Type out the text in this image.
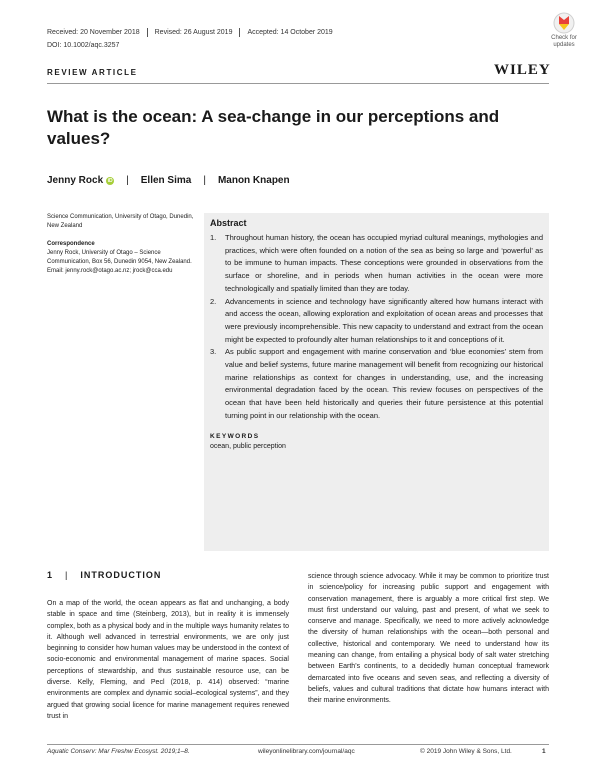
Received: 20 November 2018	Revised: 26 August 2019	Accepted: 14 October 2019
DOI: 10.1002/aqc.3257
Check for
updates
REVIEW ARTICLE	WILEY
What is the ocean: A sea-change in our perceptions and values?
Jenny Rock iD | Ellen Sima | Manon Knapen
Science Communication, University of Otago, Dunedin, New Zealand
Correspondence
Jenny Rock, University of Otago – Science Communication, Box 56, Dunedin 9054, New Zealand.
Email: jenny.rock@otago.ac.nz; jrock@cca.edu
Abstract
1. Throughout human history, the ocean has occupied myriad cultural meanings, mythologies and practices, which were often founded on a notion of the sea as being so large and ‘powerful’ as to be immune to human impacts. These conceptions were grounded in observations from the surface or shoreline, and in periods when human activities in the ocean were more technologically and spatially limited than they are today.
2. Advancements in science and technology have significantly altered how humans interact with and access the ocean, allowing exploration and exploitation of ocean areas and processes that were previously incomprehensible. This new capacity to understand and extract from the ocean might be expected to profoundly alter human relationships to it and conceptions of it.
3. As public support and engagement with marine conservation and ‘blue economies’ stem from value and belief systems, future marine management will benefit from recognizing our historical marine relationships as context for changes in understanding, use, and the increasing environmental degradation faced by the ocean. This review focuses on perspectives of the ocean that have been held historically and queries their future persistence at this potential turning point in our relationship with the ocean.
KEYWORDS
ocean, public perception
1 | INTRODUCTION

On a map of the world, the ocean appears as flat and unchanging, a body stable in space and time (Steinberg, 2013), but in reality it is immensely complex, both as a physical body and in the multiple ways humanity relates to it. Although well advanced in terrestrial environments, we are only just beginning to consider how human values may be understood in the context of socio-economic and environmental management of marine spaces. Social perceptions of stewardship, and thus sustainable resource use, can be diverse. Kelly, Fleming, and Pecl (2018, p. 414) observed: “marine environments are complex and dynamic social–ecological systems”, and they argued that growing social licence for marine management requires renewed trust in

science through science advocacy. While it may be common to prioritize trust in science/policy for increasing public support and engagement with conservation management, there is arguably a more critical first step. We must first understand our valuing, past and present, of what we seek to conserve and manage. Specifically, we need to more actively acknowledge the diversity of human relationships with the ocean—both personal and collective, historical and contemporary. We need to understand how its meaning can change, from entailing a physical body of salt water stretching between Earth’s continents, to a decidedly human conceptual framework demarcated into five oceans and seven seas, and reflecting a diversity of beliefs, values and cultural traditions that dictate how humans interact with their marine environments.

Aquatic Conserv: Mar Freshw Ecosyst. 2019;1–8.	wileyonlinelibrary.com/journal/aqc	© 2019 John Wiley & Sons, Ltd.	1
